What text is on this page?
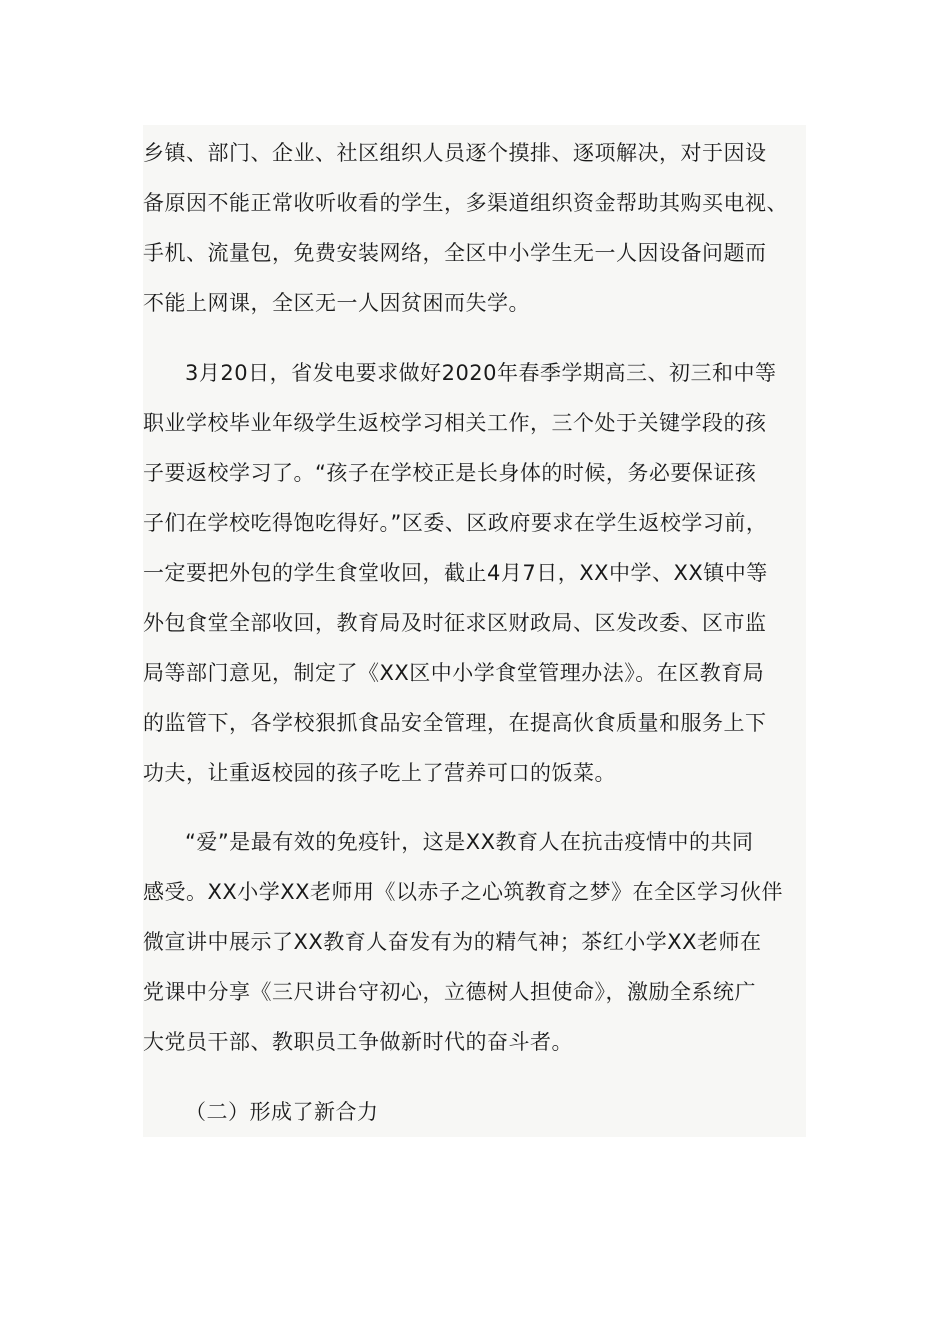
乡镇、部门、企业、社区组织人员逐个摸排、逐项解决，对于因设
备原因不能正常收听收看的学生，多渠道组织资金帮助其购买电视、
手机、流量包，免费安装网络，全区中小学生无一人因设备问题而
不能上网课，全区无一人因贫困而失学。
3月20日，省发电要求做好2020年春季学期高三、初三和中等
职业学校毕业年级学生返校学习相关工作，三个处于关键学段的孩
子要返校学习了。“孩子在学校正是长身体的时候，务必要保证孩
子们在学校吃得饱吃得好。”区委、区政府要求在学生返校学习前，
一定要把外包的学生食堂收回，截止4月7日，XX中学、XX镇中等
外包食堂全部收回，教育局及时征求区财政局、区发改委、区市监
局等部门意见，制定了《XX区中小学食堂管理办法》。在区教育局
的监管下，各学校狠抓食品安全管理，在提高伙食质量和服务上下
功夫，让重返校园的孩子吃上了营养可口的饭菜。
“爱”是最有效的免疫针，这是XX教育人在抗击疫情中的共同
感受。XX小学XX老师用《以赤子之心筑教育之梦》在全区学习伙伴
微宣讲中展示了XX教育人奋发有为的精气神；茶红小学XX老师在
党课中分享《三尺讲台守初心，立德树人担使命》，激励全系统广
大党员干部、教职员工争做新时代的奋斗者。
（二）形成了新合力
